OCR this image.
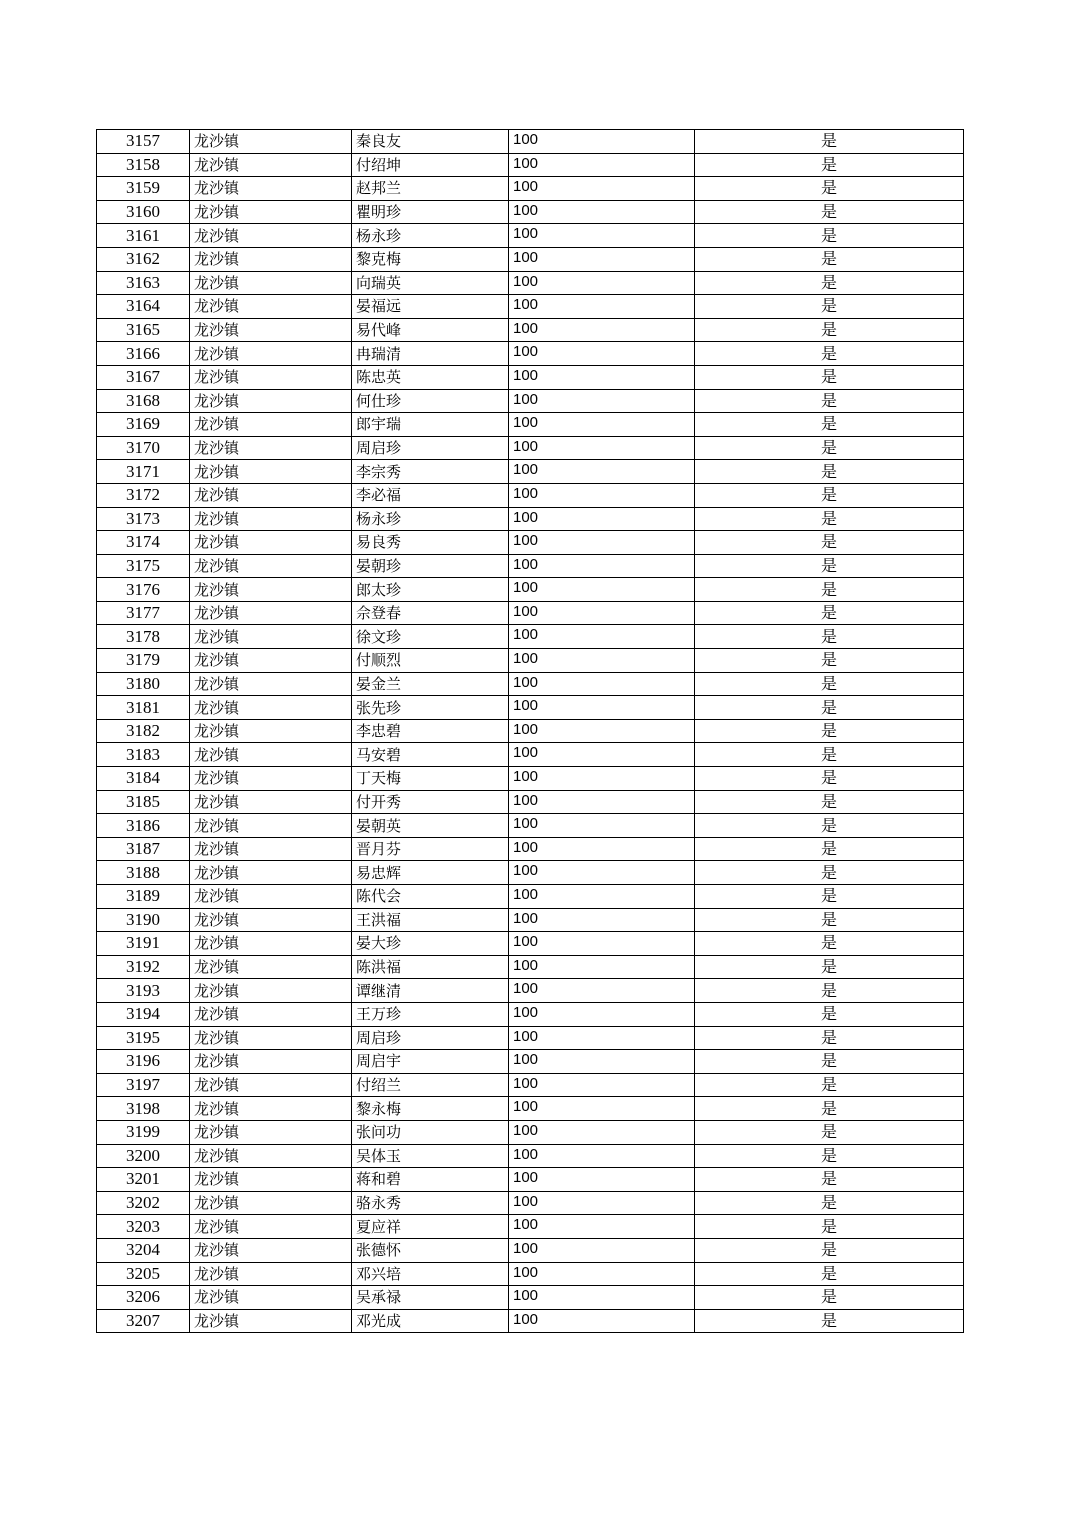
3157	龙沙镇	秦良友	100	是
3158	龙沙镇	付绍坤	100	是
3159	龙沙镇	赵邦兰	100	是
3160	龙沙镇	瞿明珍	100	是
3161	龙沙镇	杨永珍	100	是
3162	龙沙镇	黎克梅	100	是
3163	龙沙镇	向瑞英	100	是
3164	龙沙镇	晏福远	100	是
3165	龙沙镇	易代峰	100	是
3166	龙沙镇	冉瑞清	100	是
3167	龙沙镇	陈忠英	100	是
3168	龙沙镇	何仕珍	100	是
3169	龙沙镇	郎宇瑞	100	是
3170	龙沙镇	周启珍	100	是
3171	龙沙镇	李宗秀	100	是
3172	龙沙镇	李必福	100	是
3173	龙沙镇	杨永珍	100	是
3174	龙沙镇	易良秀	100	是
3175	龙沙镇	晏朝珍	100	是
3176	龙沙镇	郎太珍	100	是
3177	龙沙镇	佘登春	100	是
3178	龙沙镇	徐文珍	100	是
3179	龙沙镇	付顺烈	100	是
3180	龙沙镇	晏金兰	100	是
3181	龙沙镇	张先珍	100	是
3182	龙沙镇	李忠碧	100	是
3183	龙沙镇	马安碧	100	是
3184	龙沙镇	丁天梅	100	是
3185	龙沙镇	付开秀	100	是
3186	龙沙镇	晏朝英	100	是
3187	龙沙镇	晋月芬	100	是
3188	龙沙镇	易忠辉	100	是
3189	龙沙镇	陈代会	100	是
3190	龙沙镇	王洪福	100	是
3191	龙沙镇	晏大珍	100	是
3192	龙沙镇	陈洪福	100	是
3193	龙沙镇	谭继清	100	是
3194	龙沙镇	王万珍	100	是
3195	龙沙镇	周启珍	100	是
3196	龙沙镇	周启宇	100	是
3197	龙沙镇	付绍兰	100	是
3198	龙沙镇	黎永梅	100	是
3199	龙沙镇	张问功	100	是
3200	龙沙镇	吴体玉	100	是
3201	龙沙镇	蒋和碧	100	是
3202	龙沙镇	骆永秀	100	是
3203	龙沙镇	夏应祥	100	是
3204	龙沙镇	张德怀	100	是
3205	龙沙镇	邓兴培	100	是
3206	龙沙镇	吴承禄	100	是
3207	龙沙镇	邓光成	100	是
